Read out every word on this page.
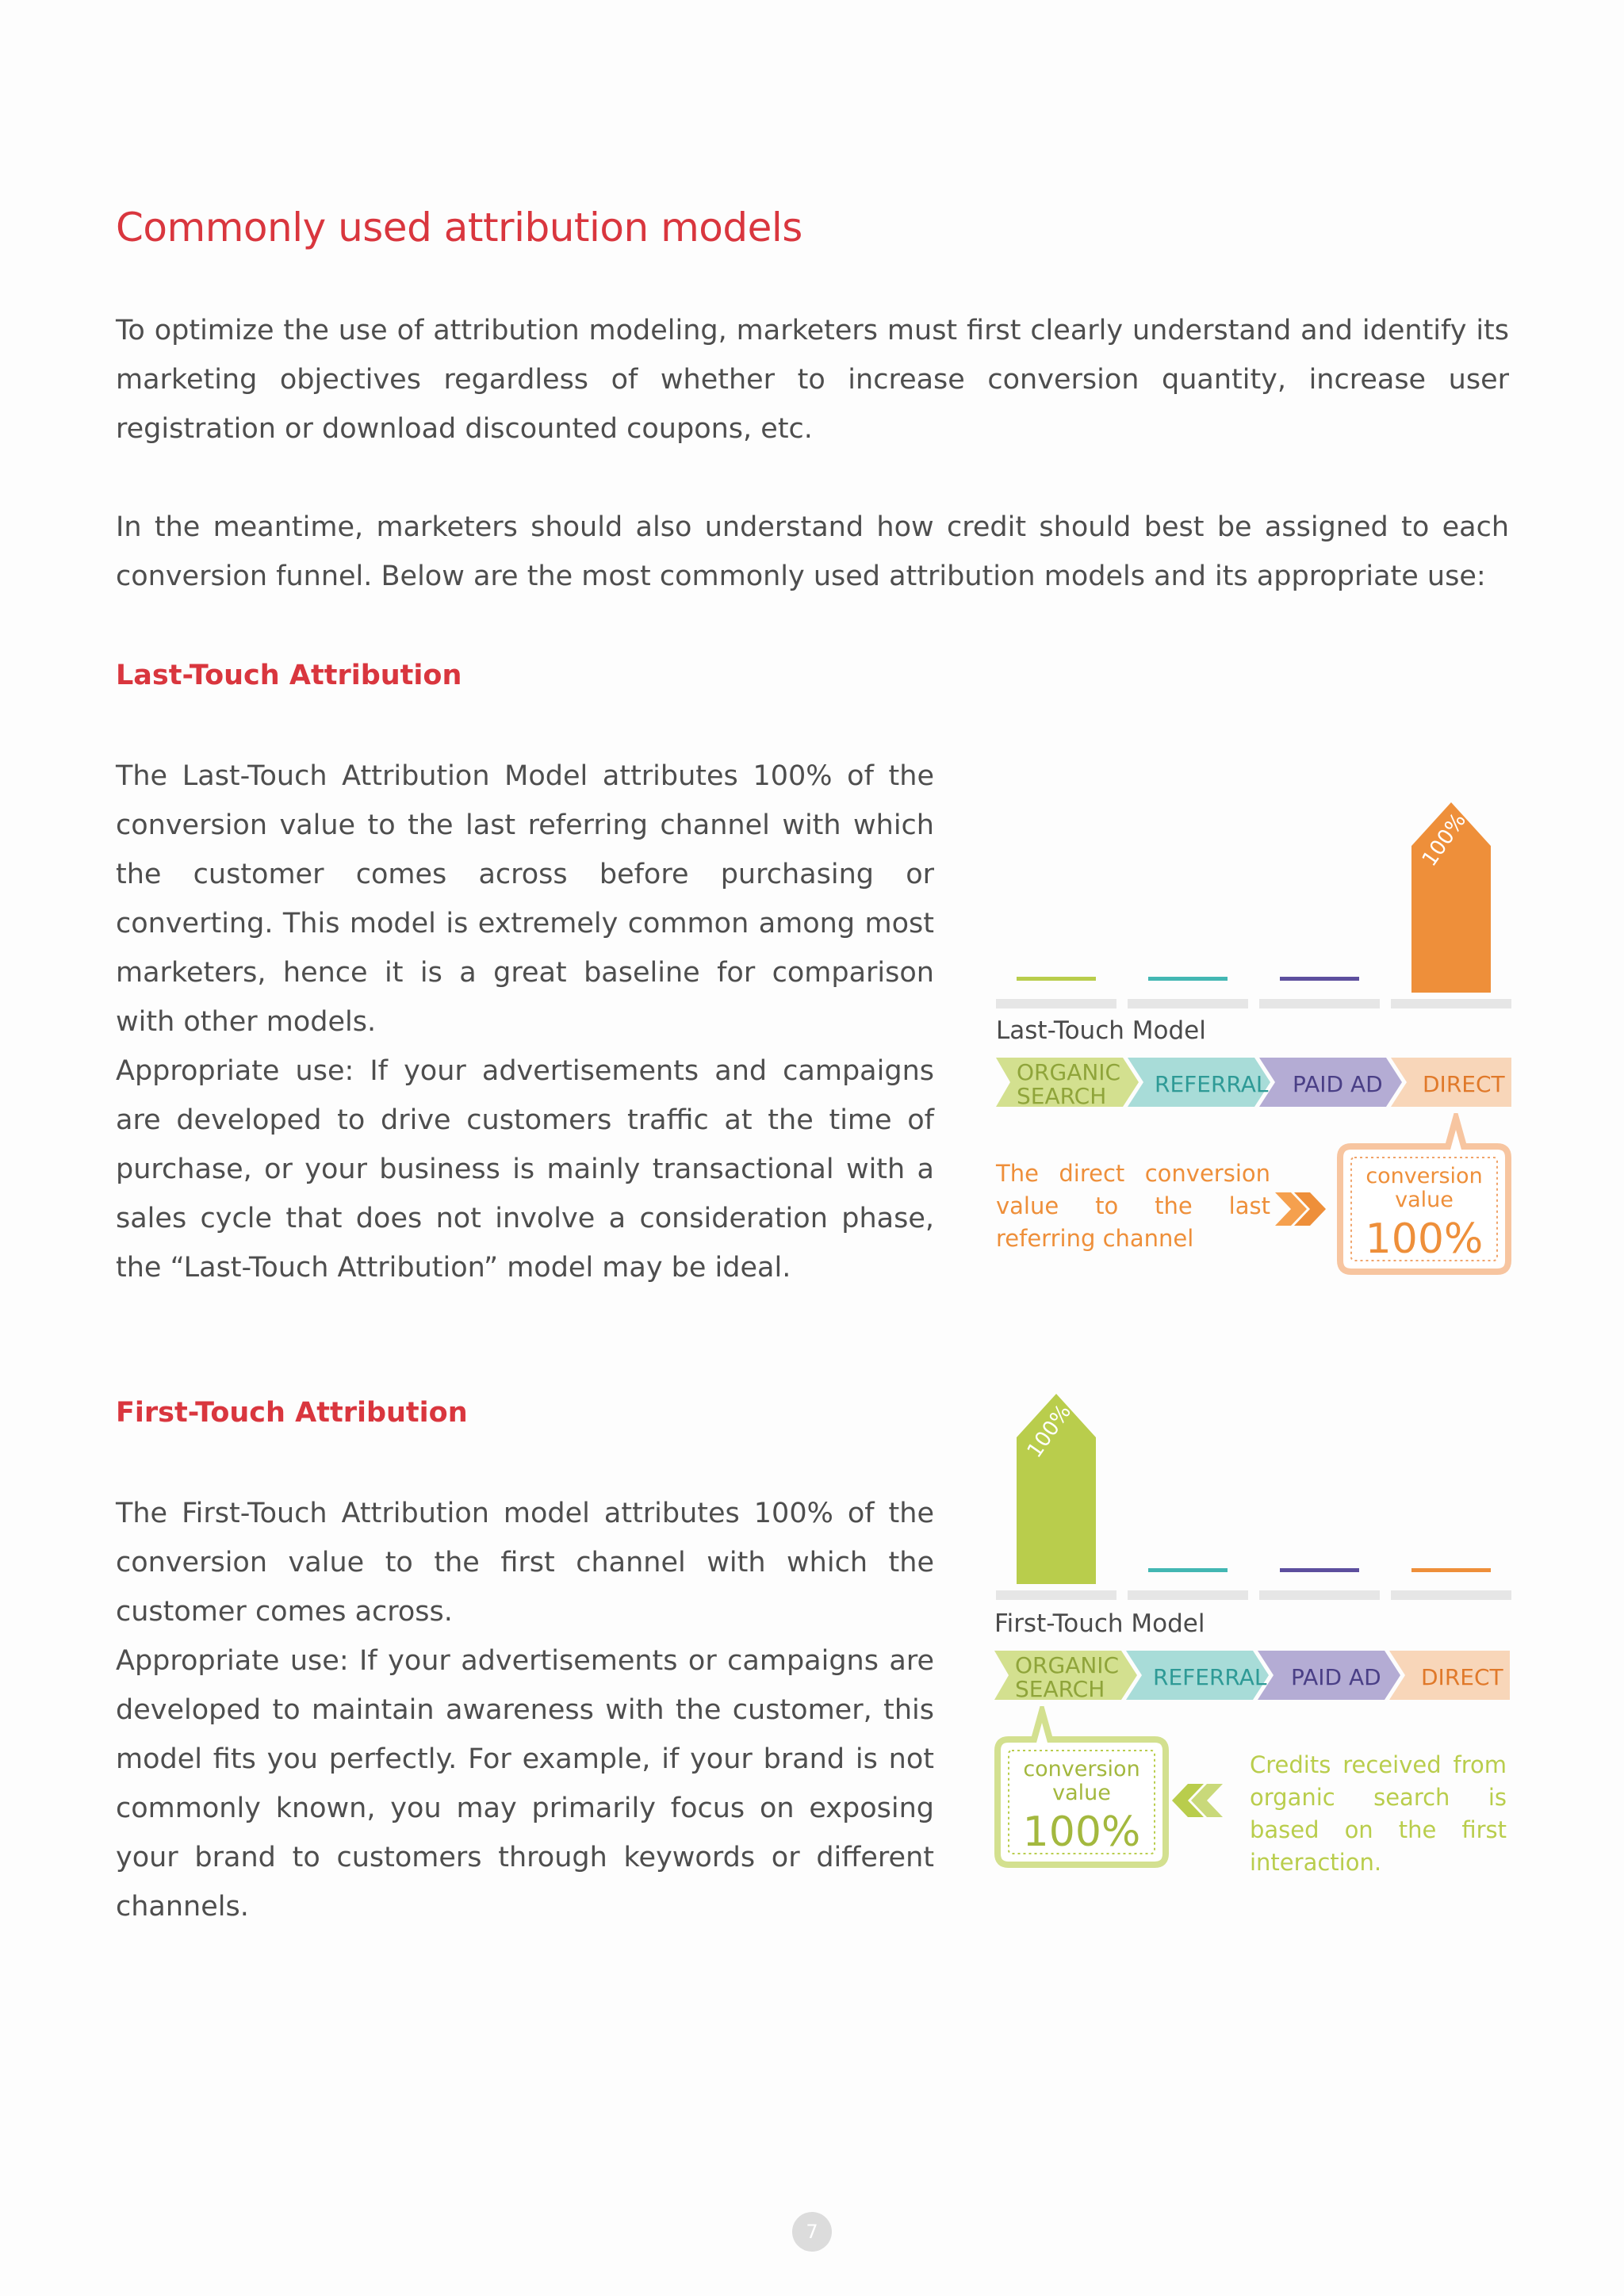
Commonly used attribution models

To optimize the use of attribution modeling, marketers must first clearly understand and identify its marketing objectives regardless of whether to increase conversion quantity, increase user registration or download discounted coupons, etc.

In the meantime, marketers should also understand how credit should best be assigned to each conversion funnel. Below are the most commonly used attribution models and its appropriate use:

Last-Touch Attribution

The Last-Touch Attribution Model attributes 100% of the conversion value to the last referring channel with which the customer comes across before purchasing or converting. This model is extremely common among most marketers, hence it is a great baseline for comparison with other models.

Appropriate use: If your advertisements and campaigns are developed to drive customers traffic at the time of purchase, or your business is mainly transactional with a sales cycle that does not involve a consideration phase, the “Last-Touch Attribution” model may be ideal.

100%
Last-Touch Model
ORGANIC
SEARCH REFERRAL PAID AD DIRECT
The direct conversion value to the last referring channel
conversion
value
100%
First-Touch Attribution

The First-Touch Attribution model attributes 100% of the conversion value to the first channel with which the customer comes across.

Appropriate use: If your advertisements or campaigns are developed to maintain awareness with the customer, this model fits you perfectly. For example, if your brand is not commonly known, you may primarily focus on exposing your brand to customers through keywords or different channels.

100%
First-Touch Model
ORGANIC
SEARCH REFERRAL PAID AD DIRECT
conversion
value
100%
Credits received from organic search is based on the first interaction.
7
